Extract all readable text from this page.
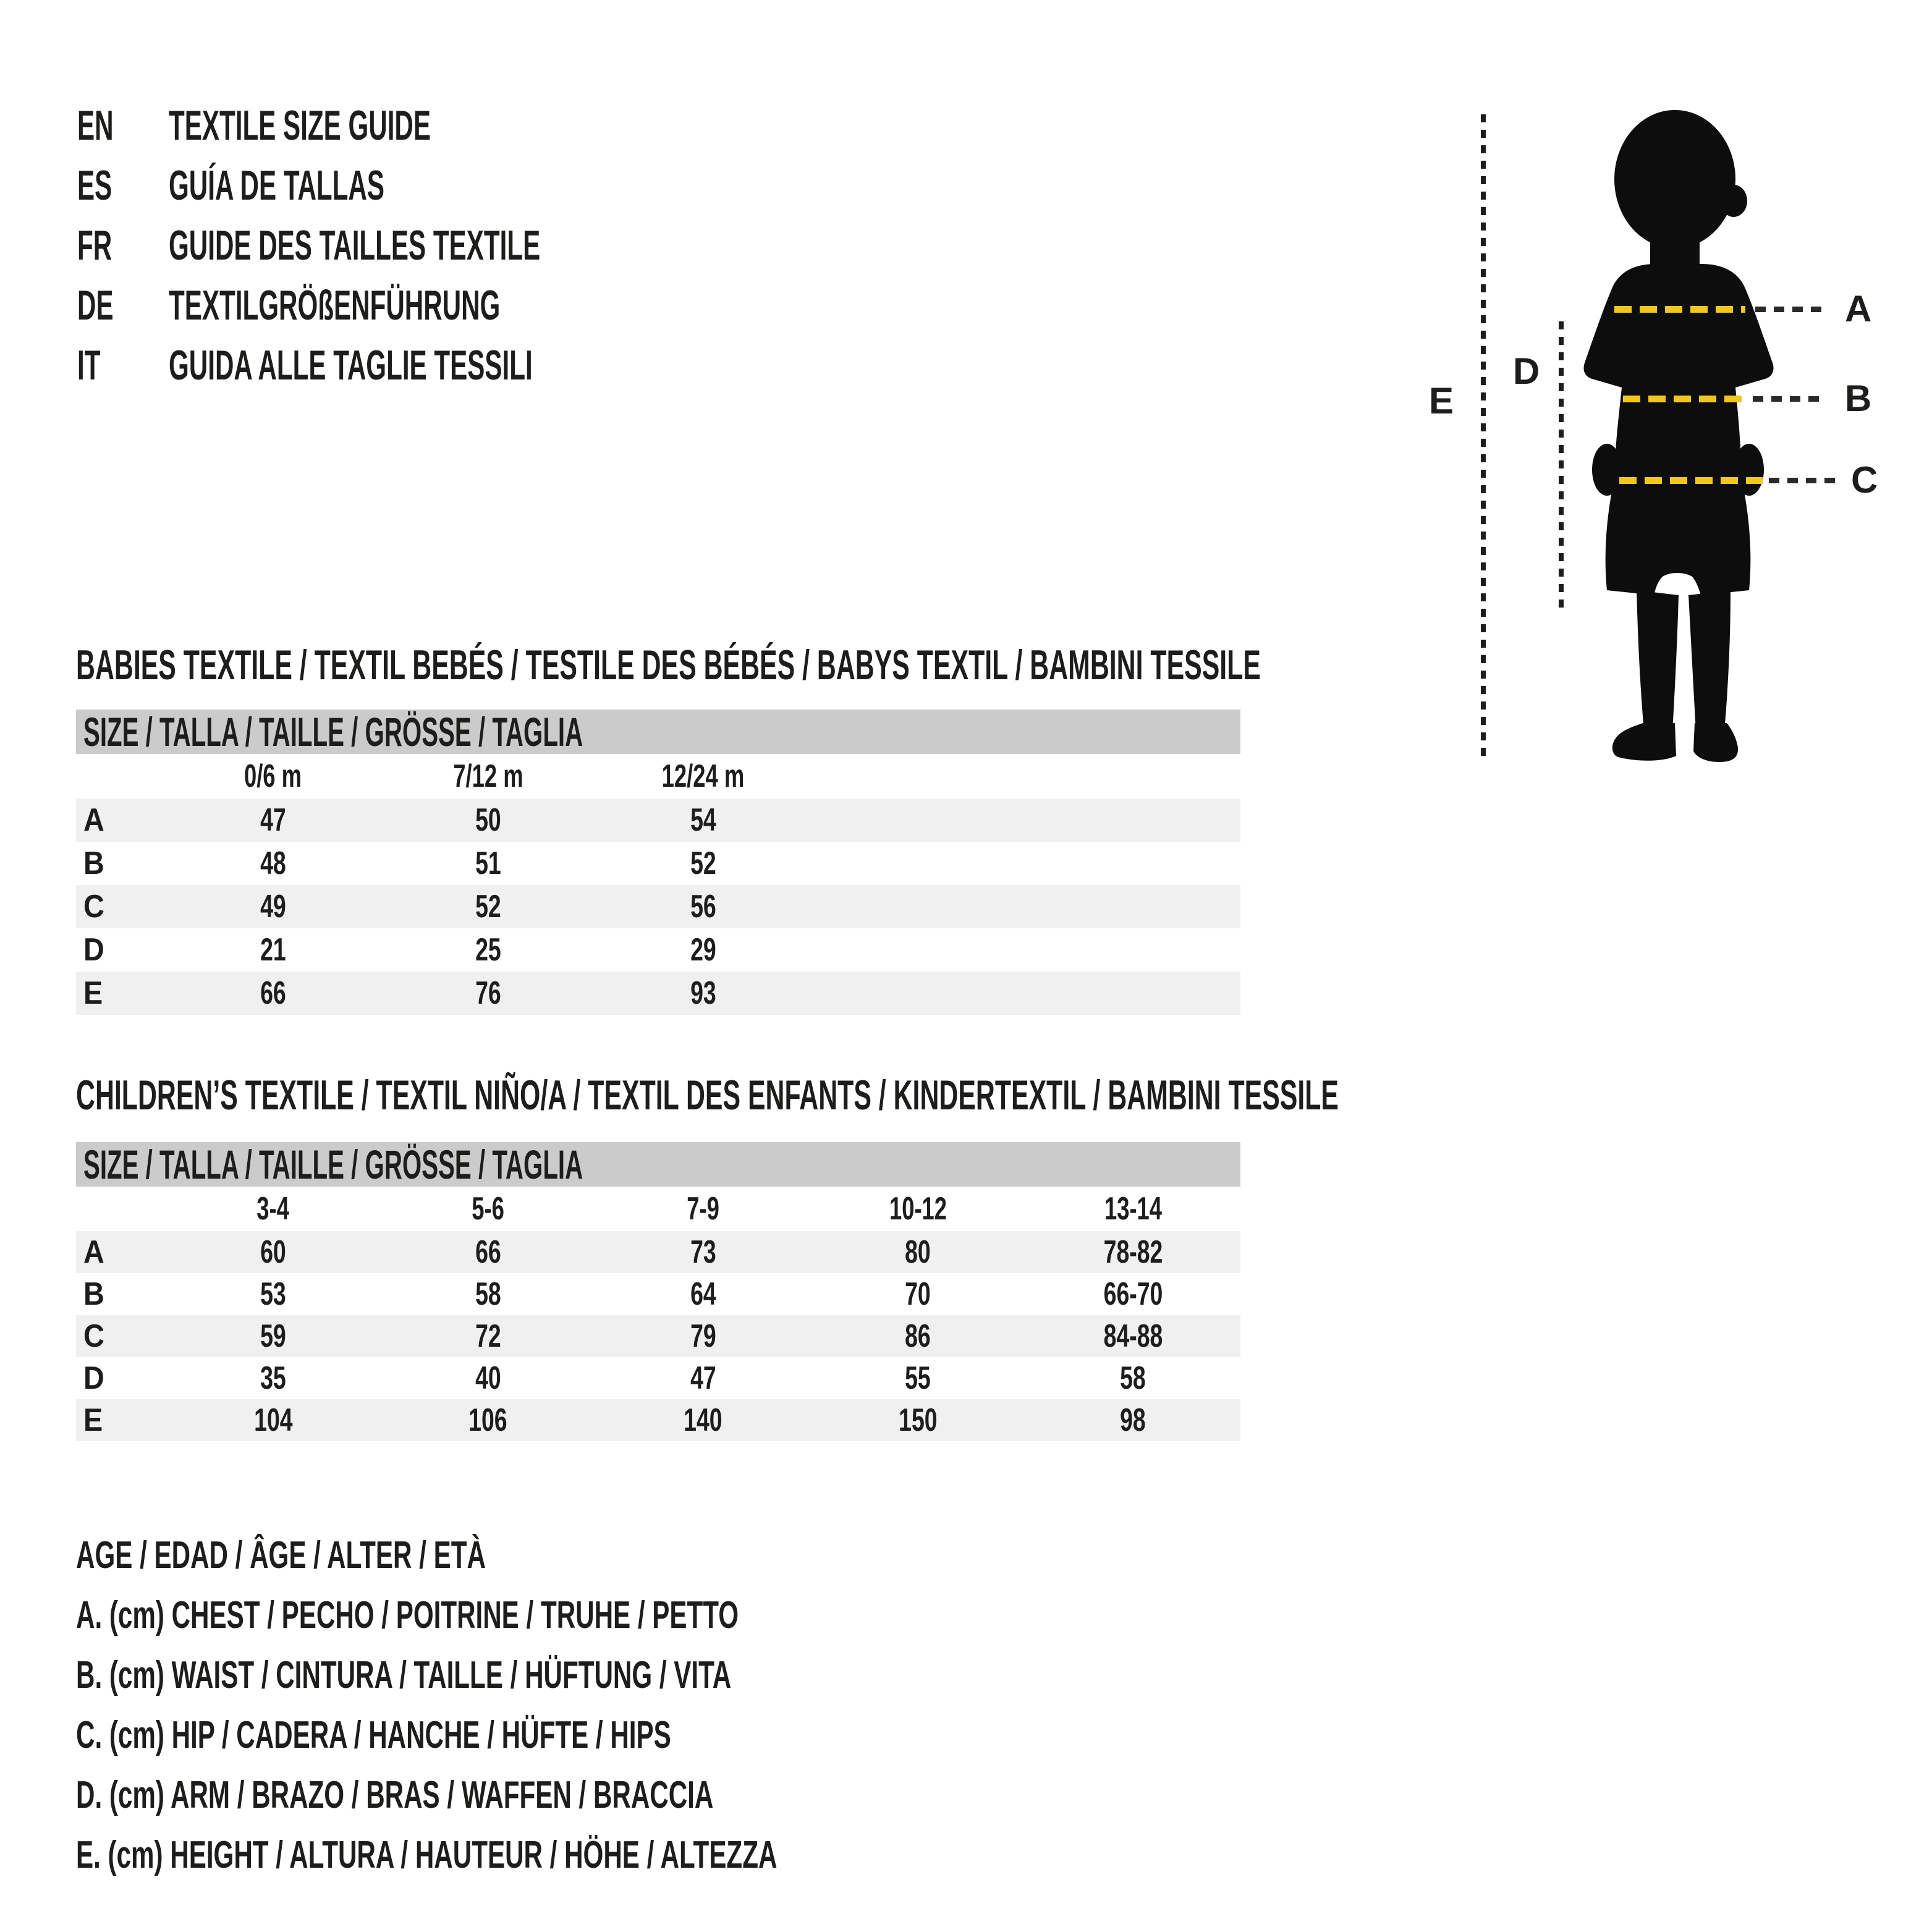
EN	TEXTILE SIZE GUIDE
ES	GUÍA DE TALLAS
FR	GUIDE DES TAILLES TEXTILE
DE	TEXTILGRÖßENFÜHRUNG
IT	GUIDA ALLE TAGLIE TESSILI
E
D
A
B
C
BABIES TEXTILE / TEXTIL BEBÉS / TESTILE DES BÉBÉS / BABYS TEXTIL / BAMBINI TESSILE
SIZE / TALLA / TAILLE / GRÖSSE / TAGLIA
	0/6 m	7/12 m	12/24 m		
A	47	50	54		
B	48	51	52		
C	49	52	56		
D	21	25	29		
E	66	76	93		
CHILDREN’S TEXTILE / TEXTIL NIÑO/A / TEXTIL DES ENFANTS / KINDERTEXTIL / BAMBINI TESSILE
SIZE / TALLA / TAILLE / GRÖSSE / TAGLIA
	3-4	5-6	7-9	10-12	13-14
A	60	66	73	80	78-82
B	53	58	64	70	66-70
C	59	72	79	86	84-88
D	35	40	47	55	58
E	104	106	140	150	98
AGE / EDAD / ÂGE / ALTER / ETÀ
A. (cm) CHEST / PECHO / POITRINE / TRUHE / PETTO
B. (cm) WAIST / CINTURA / TAILLE / HÜFTUNG / VITA
C. (cm) HIP / CADERA / HANCHE / HÜFTE / HIPS
D. (cm) ARM / BRAZO / BRAS / WAFFEN / BRACCIA
E. (cm) HEIGHT / ALTURA / HAUTEUR / HÖHE / ALTEZZA
